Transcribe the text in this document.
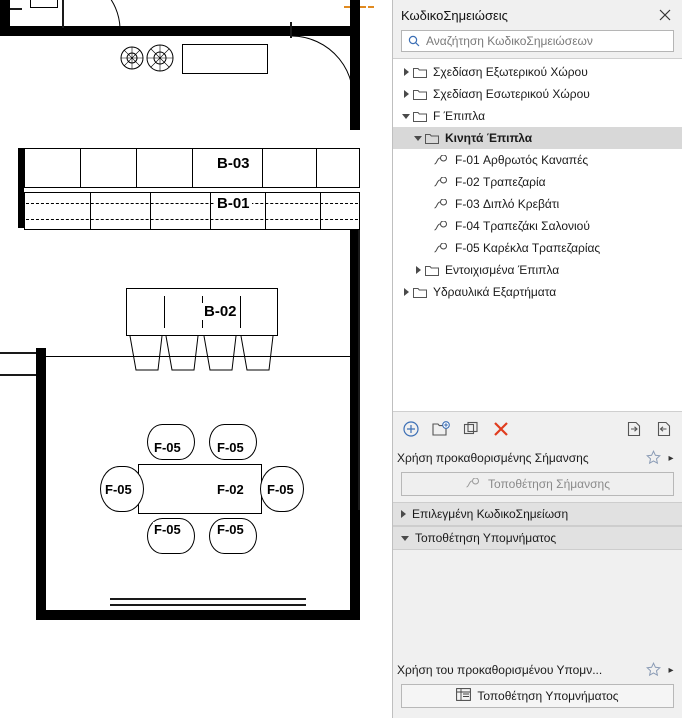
B-03
B-01
B-02
F-05	F-05
F-05	F-02 F-05
F-05	F-05
ΚωδικοΣημειώσεις
Αναζήτηση ΚωδικοΣημειώσεων
Σχεδίαση Εξωτερικού Χώρου
Σχεδίαση Εσωτερικού Χώρου
F Έπιπλα
Κινητά Έπιπλα
F-01 Αρθρωτός Καναπές
F-02 Τραπεζαρία
F-03 Διπλό Κρεβάτι
F-04 Τραπεζάκι Σαλονιού
F-05 Καρέκλα Τραπεζαρίας
Εντοιχισμένα Έπιπλα
Υδραυλικά Εξαρτήματα
Χρήση προκαθορισμένης Σήμανσης	▸
Τοποθέτηση Σήμανσης
Επιλεγμένη ΚωδικοΣημείωση
Τοποθέτηση Υπομνήματος
Χρήση του προκαθορισμένου Υπομν...	▸
Τοποθέτηση Υπομνήματος
